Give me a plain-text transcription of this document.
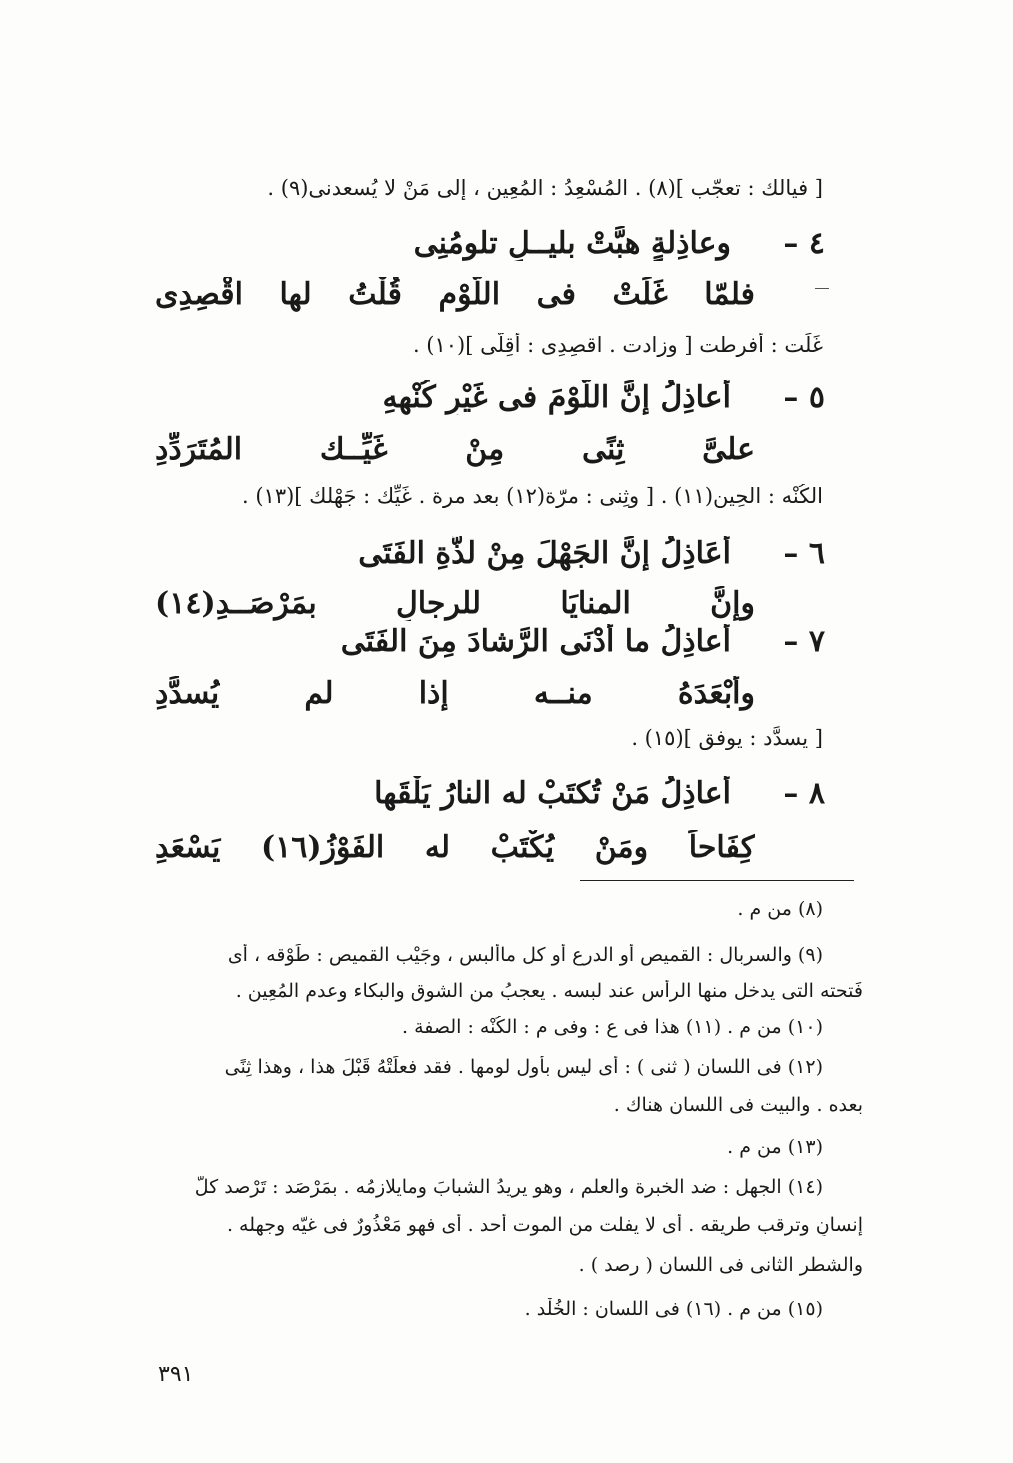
[ فيالك : تعجّب ](٨) . المُسْعِدُ : المُعِين ، إلى مَنْ لا يُسعدنى(٩) .
٤ –
وعاذِلةٍ هبَّتْ بليــلٍ تلومُنِى
فلمّا غَلَتْ فى اللَّوْمِ قُلْتُ لها اقْصِدِى
غَلَت : أفرطت [ وزادت . اقصِدِى : أَقِلّى ](١٠) .
٥ –
أَعاذِلُ إنَّ اللَّوْمَ فى غَيْرِ كُنْهِهِ
علىَّ ثِنًى مِنْ غَيِّــك المُتَرَدِّدِ
الكُنْه : الحِين(١١) . [ وثِنى : مرّة(١٢) بعد مرة . غَيِّك : جَهْلك ](١٣) .
٦ –
أَعَاذِلُ إنَّ الجَهْلَ مِنْ لذَّةِ الفَتَى
وإنَّ المنايَا للرجالِ بمَرْصَــدِ(١٤)
٧ –
أعاذِلُ ما أَدْنَى الرَّشادَ مِنَ الفَتَى
وأَبْعَدَهُ منــه إذا لم يُسدَّدِ
[ يسدَّد : يوفق ](١٥) .
٨ –
أَعاذِلُ مَنْ تُكتَبْ له النارُ يَلْقَها
كِفَاحاً ومَنْ يُكْتَبْ له الفَوْزُ(١٦) يَسْعَدِ
(٨) من م .
(٩) والسربال : القميص أو الدرع أو كل ماأُلبس ، وجَيْب القميص : طَوْقه ، أى
فَتحته التى يدخل منها الرأس عند لبسه . يعجبُ من الشوق والبكاء وعدم المُعِين .
(١٠) من م . (١١) هذا فى ع : وفى م : الكُنْه : الصفة .
(١٢) فى اللسان ( ثنى ) : أى ليس بأول لومها . فقد فعلَتْهُ قَبْلَ هذا ، وهذا ثِنًى
بعده . والبيت فى اللسان هناك .
(١٣) من م .
(١٤) الجهل : ضد الخبرة والعلم ، وهو يريدُ الشبابَ ومايلازمُه . بمَرْصَد : تَرْصد كلَّ
إنسانٍ وترقب طريقه . أى لا يفلت من الموت أحد . أى فهو مَعْذُورٌ فى غيّه وجهله .
والشطر الثانى فى اللسان ( رصد ) .
(١٥) من م . (١٦) فى اللسان : الخُلْد .
٣٩١
